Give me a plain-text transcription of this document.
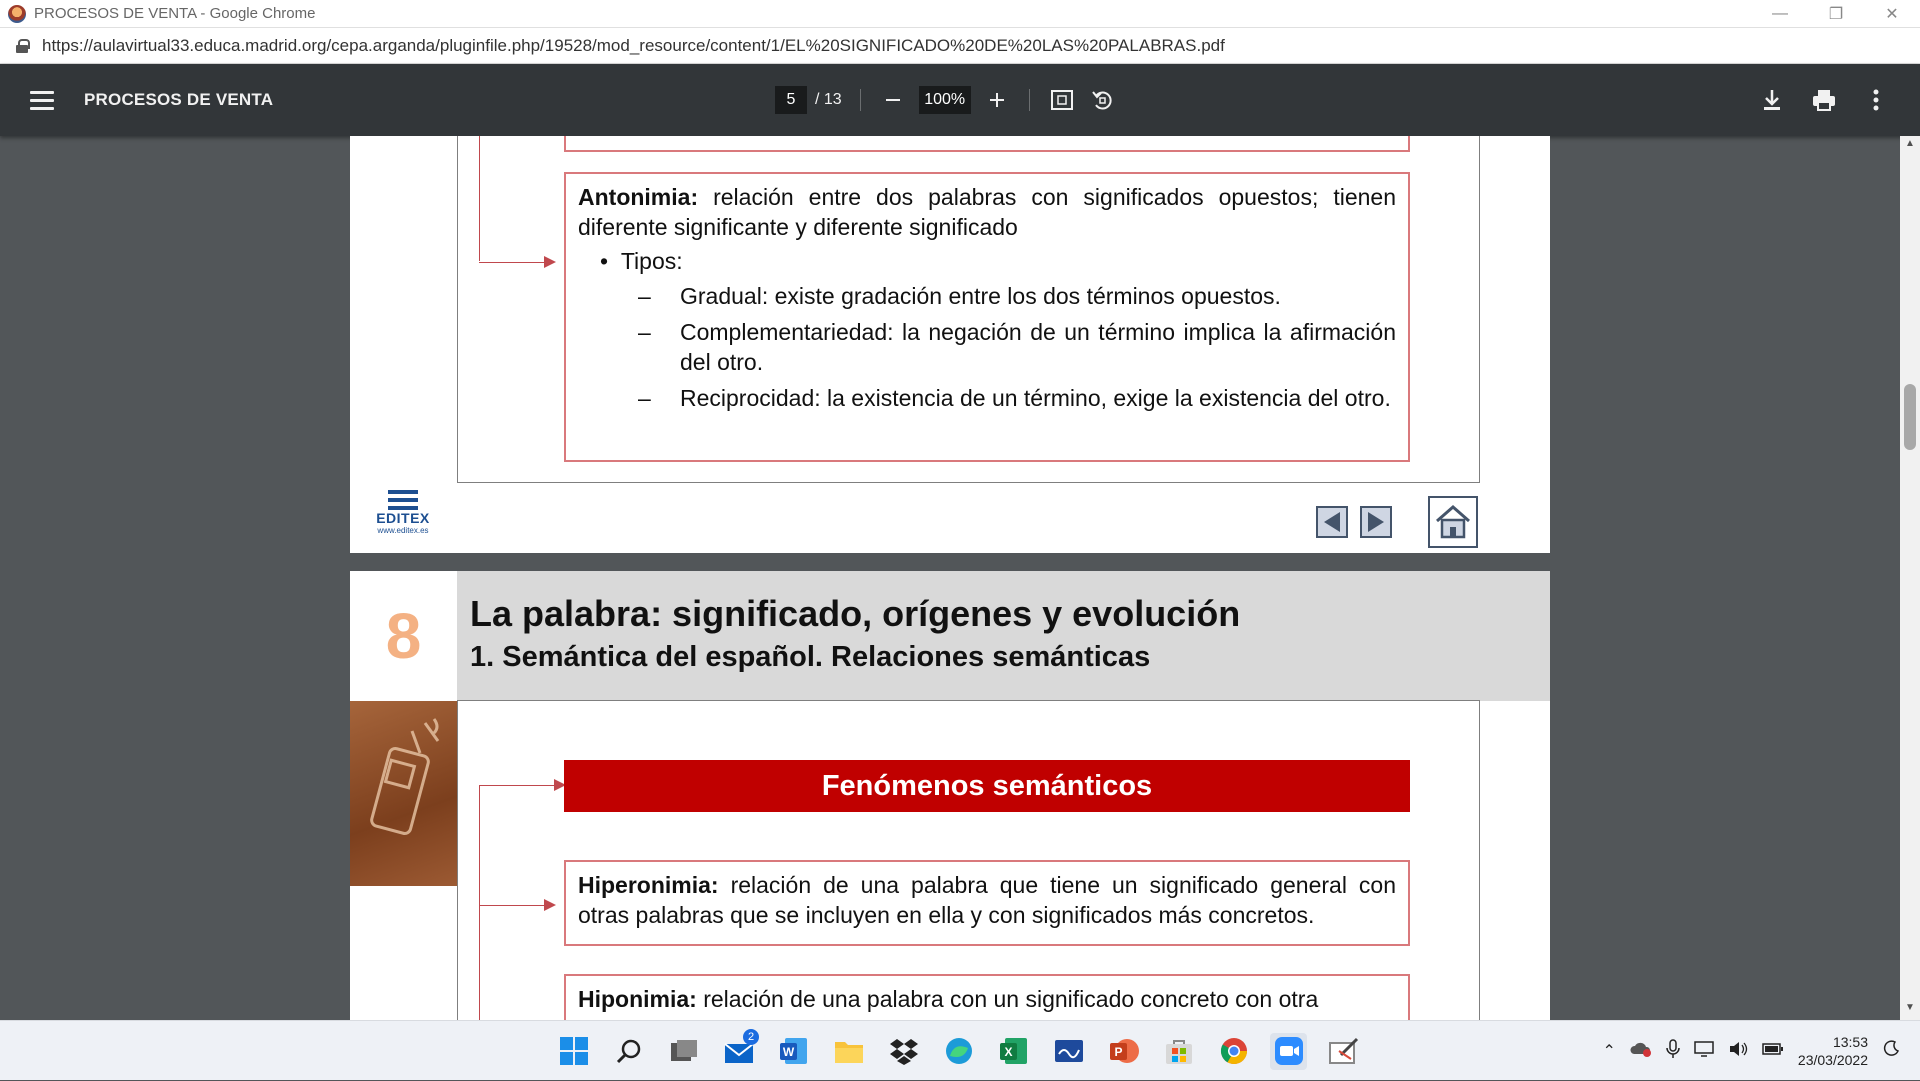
PROCESOS DE VENTA - Google Chrome	—	❐	✕
https://aulavirtual33.educa.madrid.org/cepa.arganda/pluginfile.php/19528/mod_resource/content/1/EL%20SIGNIFICADO%20DE%20LAS%20PALABRAS.pdf
PROCESOS DE VENTA	5	/ 13	100%
Antonimia: relación entre dos palabras con significados opuestos; tienen diferente significante y diferente significado
•  Tipos:
–	Gradual: existe gradación entre los dos términos opuestos.
–	Complementariedad: la negación de un término implica la afirmación del otro.
–	Reciprocidad: la existencia de un término, exige la existencia del otro.
EDITEX
www.editex.es
8	La palabra: significado, orígenes y evolución
1. Semántica del español. Relaciones semánticas
Fenómenos semánticos
Hiperonimia: relación de una palabra que tiene un significado general con otras palabras que se incluyen en ella y con significados más concretos.
Hiponimia: relación de una palabra con un significado concreto con otra
▲
▼
2
W	X	P	⌃
13:53
23/03/2022
